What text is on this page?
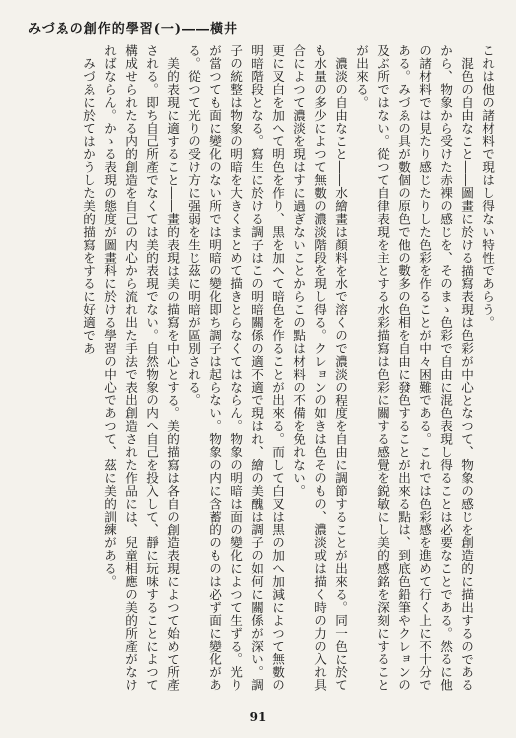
みづゑの創作的學習(一)――橫井

これは他の諸材料で現はし得ない特性であらう。

混色の自由なこと――圖畫に於ける描寫表現は色彩が中心となつて、物象の感じを創造的に描出するのであるから、物象から受けた赤裸の感じを、そのまゝ色彩で自由に混色表現し得ることは必要なことである。然るに他の諸材料では見たり感じたりした色彩を作ることが中々困難である。これでは色彩感を進めて行く上に不十分である。みづゑの具が數個の原色で他の數多の色相を自由に發色することが出來る點は、到底色鉛筆やクレョンの及ぶ所ではない。從つて自律表現を主とする水彩描寫は色彩に關する感覺を鋭敏にし美的感銘を深刻にすることが出來る。

濃淡の自由なこと――水繪畫は顏料を水で溶くので濃淡の程度を自由に調節することが出來る。同一色に於ても水量の多少によつて無數の濃淡階段を現し得る。クレョンの如きは色そのもの、濃淡或は描く時の力の入れ具合によつて濃淡を現はすに過ぎないことからこの點は材料の不備を免れない。

更に叉白を加へて明色を作り、黒を加へて暗色を作ることが出來る。而して白叉は黒の加へ加減によつて無數の明暗階段となる。寫生に於ける調子はこの明暗關係の適不適で現はれ、繪の美醜は調子の如何に關係が深い。調子の統整は物象の明暗を大きくまとめて描きとらなくてはならん。物象の明暗は面の變化によつて生ずる。光りが當つても面に變化のない所では明暗の變化即ち調子は起らない。物象の内に含蓄的のものは必ず面に變化がある。從つて光りの受け方に强弱を生じ茲に明暗が區別される。

美的表現に適すること――畫的表現は美の描寫を中心とする。美的描寫は各自の創造表現によつて始めて所產される。即ち自己所產でなくては美的表現でない。自然物象の内へ自己を投入して、靜に玩味することによつて構成せられたる内的創造を自己の内心から流れ出た手法で表出創造された作品には、兒童相應の美的所產がなければならん。かゝる表現の態度が圖畫科に於ける學習の中心であつて、茲に美的訓練がある。

みづゑに於てはかうした美的描寫をするに好適であ

91
